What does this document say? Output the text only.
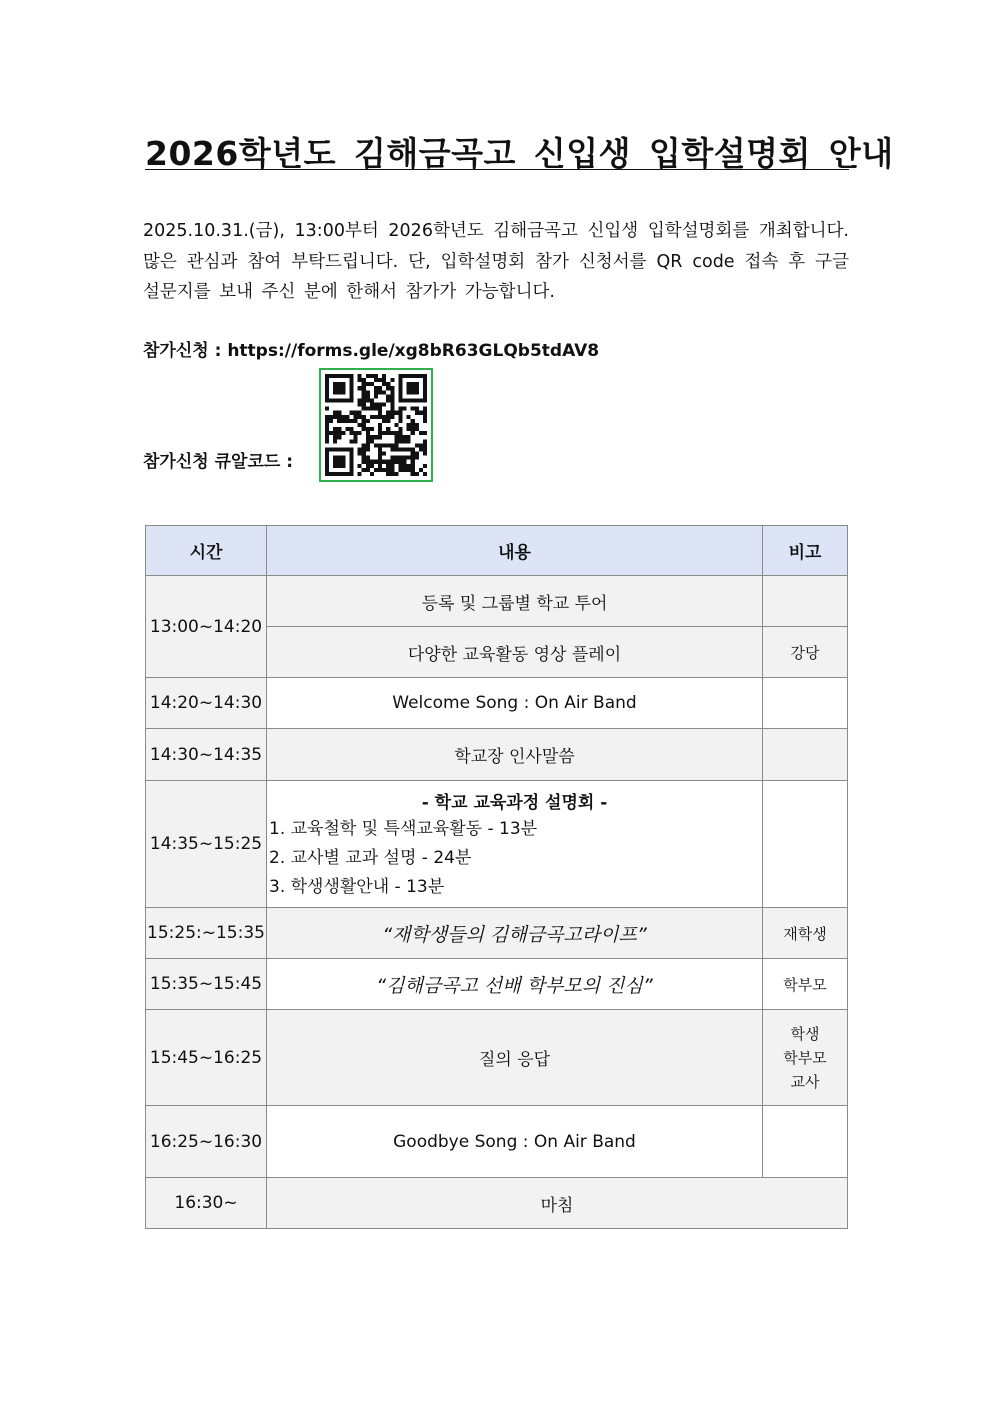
2026학년도 김해금곡고 신입생 입학설명회 안내
2025.10.31.(금), 13:00부터 2026학년도 김해금곡고 신입생 입학설명회를 개최합니다. 많은 관심과 참여 부탁드립니다. 단, 입학설명회 참가 신청서를 QR code 접속 후 구글 설문지를 보내 주신 분에 한해서 참가가 가능합니다.
참가신청 : https://forms.gle/xg8bR63GLQb5tdAV8
참가신청 큐알코드 :
시간	내용	비고
13:00~14:20	등록 및 그룹별 학교 투어	
	다양한 교육활동 영상 플레이	강당
14:20~14:30	Welcome Song : On Air Band	
14:30~14:35	학교장 인사말씀	
14:35~15:25	- 학교 교육과정 설명회 -
1. 교육철학 및 특색교육활동 - 13분
2. 교사별 교과 설명 - 24분
3. 학생생활안내 - 13분	

15:25:~15:35	“재학생들의 김해금곡고라이프”	재학생
15:35~15:45	“김해금곡고 선배 학부모의 진심”	학부모
15:45~16:25	질의 응답	학생
학부모
교사

16:25~16:30	Goodbye Song : On Air Band	
16:30~	마침	
